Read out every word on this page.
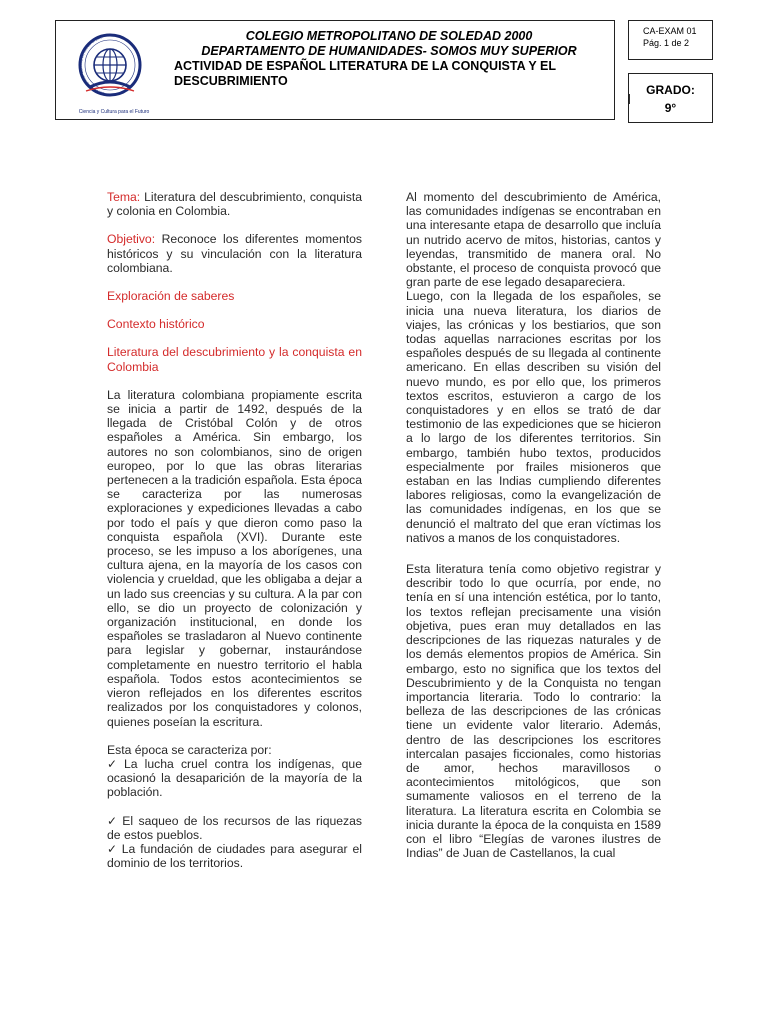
COLEGIO METROPOLITANO DE SOLEDAD 2000
Ciencia y Cultura para el Futuro
COLEGIO METROPOLITANO DE SOLEDAD 2000
DEPARTAMENTO DE HUMANIDADES- SOMOS MUY SUPERIOR
ACTIVIDAD DE ESPAÑOL LITERATURA DE LA CONQUISTA Y EL DESCUBRIMIENTO
CA-EXAM 01
Pág. 1 de 2
GRADO:
9°

Tema: Literatura del descubrimiento, conquista y colonia en Colombia.

Objetivo: Reconoce los diferentes momentos históricos y su vinculación con la literatura colombiana.

Exploración de saberes

Contexto histórico

Literatura del descubrimiento y la conquista en Colombia

La literatura colombiana propiamente escrita se inicia a partir de 1492, después de la llegada de Cristóbal Colón y de otros españoles a América. Sin embargo, los autores no son colombianos, sino de origen europeo, por lo que las obras literarias pertenecen a la tradición española. Esta época se caracteriza por las numerosas exploraciones y expediciones llevadas a cabo por todo el país y que dieron como paso la conquista española (XVI). Durante este proceso, se les impuso a los aborígenes, una cultura ajena, en la mayoría de los casos con violencia y crueldad, que les obligaba a dejar a un lado sus creencias y su cultura. A la par con ello, se dio un proyecto de colonización y organización institucional, en donde los españoles se trasladaron al Nuevo continente para legislar y gobernar, instaurándose completamente en nuestro territorio el habla española. Todos estos acontecimientos se vieron reflejados en los diferentes escritos realizados por los conquistadores y colonos, quienes poseían la escritura.

Esta época se caracteriza por:

✓ La lucha cruel contra los indígenas, que ocasionó la desaparición de la mayoría de la población.

✓ El saqueo de los recursos de las riquezas de estos pueblos.

✓ La fundación de ciudades para asegurar el dominio de los territorios.

Al momento del descubrimiento de América, las comunidades indígenas se encontraban en una interesante etapa de desarrollo que incluía un nutrido acervo de mitos, historias, cantos y leyendas, transmitido de manera oral. No obstante, el proceso de conquista provocó que gran parte de ese legado desapareciera.

Luego, con la llegada de los españoles, se inicia una nueva literatura, los diarios de viajes, las crónicas y los bestiarios, que son todas aquellas narraciones escritas por los españoles después de su llegada al continente americano. En ellas describen su visión del nuevo mundo, es por ello que, los primeros textos escritos, estuvieron a cargo de los conquistadores y en ellos se trató de dar testimonio de las expediciones que se hicieron a lo largo de los diferentes territorios. Sin embargo, también hubo textos, producidos especialmente por frailes misioneros que estaban en las Indias cumpliendo diferentes labores religiosas, como la evangelización de las comunidades indígenas, en los que se denunció el maltrato del que eran víctimas los nativos a manos de los conquistadores.

Esta literatura tenía como objetivo registrar y describir todo lo que ocurría, por ende, no tenía en sí una intención estética, por lo tanto, los textos reflejan precisamente una visión objetiva, pues eran muy detallados en las descripciones de las riquezas naturales y de los demás elementos propios de América. Sin embargo, esto no significa que los textos del Descubrimiento y de la Conquista no tengan importancia literaria. Todo lo contrario: la belleza de las descripciones de las crónicas tiene un evidente valor literario. Además, dentro de las descripciones los escritores intercalan pasajes ficcionales, como historias de amor, hechos maravillosos o acontecimientos mitológicos, que son sumamente valiosos en el terreno de la literatura. La literatura escrita en Colombia se inicia durante la época de la conquista en 1589 con el libro “Elegías de varones ilustres de Indias” de Juan de Castellanos, la cual
